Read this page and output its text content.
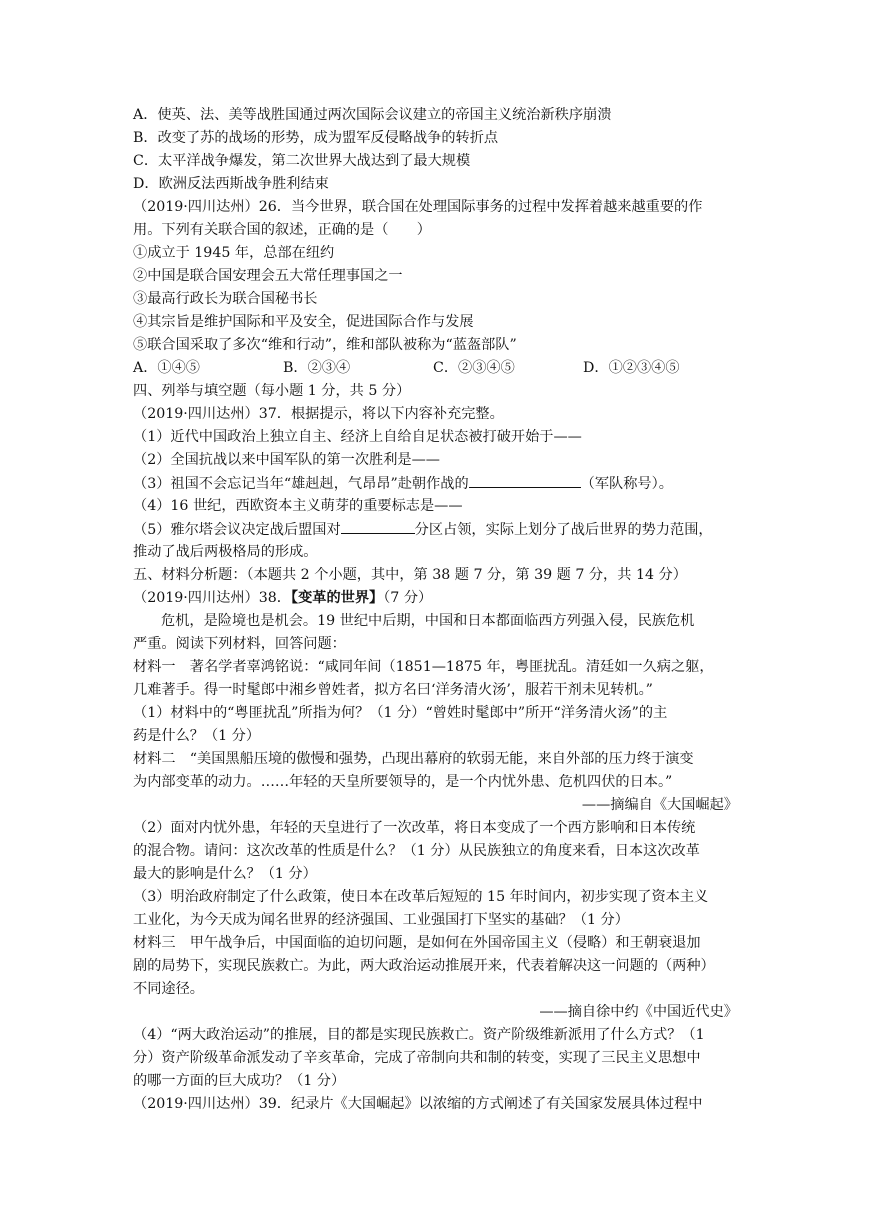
A．使英、法、美等战胜国通过两次国际会议建立的帝国主义统治新秩序崩溃
B．改变了苏的战场的形势，成为盟军反侵略战争的转折点
C．太平洋战争爆发，第二次世界大战达到了最大规模
D．欧洲反法西斯战争胜利结束
（2019·四川达州）26．当今世界，联合国在处理国际事务的过程中发挥着越来越重要的作
用。下列有关联合国的叙述，正确的是（　　）
①成立于 1945 年，总部在纽约
②中国是联合国安理会五大常任理事国之一
③最高行政长为联合国秘书长
④其宗旨是维护国际和平及安全，促进国际合作与发展
⑤联合国采取了多次“维和行动”，维和部队被称为“蓝盔部队”
A．①④⑤	B．②③④	C．②③④⑤	D．①②③④⑤
四、列举与填空题（每小题 1 分，共 5 分）
（2019·四川达州）37．根据提示，将以下内容补充完整。
（1）近代中国政治上独立自主、经济上自给自足状态被打破开始于——
（2）全国抗战以来中国军队的第一次胜利是——
（3）祖国不会忘记当年“雄赳赳，气昂昂”赴朝作战的	（军队称号）。
（4）16 世纪，西欧资本主义萌芽的重要标志是——
（5）雅尔塔会议决定战后盟国对	分区占领，实际上划分了战后世界的势力范围，
推动了战后两极格局的形成。
五、材料分析题：（本题共 2 个小题，其中，第 38 题 7 分，第 39 题 7 分，共 14 分）
（2019·四川达州）38．【变革的世界】（7 分）
危机，是险境也是机会。19 世纪中后期，中国和日本都面临西方列强入侵，民族危机
严重。阅读下列材料，回答问题：
材料一　著名学者辜鸿铭说：“咸同年间（1851—1875 年，粤匪扰乱。清廷如一久病之躯，
几难著手。得一时髦郎中湘乡曾姓者，拟方名曰‘洋务清火汤’，服若干剂未见转机。”
（1）材料中的“粤匪扰乱”所指为何？（1 分）“曾姓时髦郎中”所开“洋务清火汤”的主
药是什么？（1 分）
材料二　“美国黑船压境的傲慢和强势，凸现出幕府的软弱无能，来自外部的压力终于演变
为内部变革的动力。……年轻的天皇所要领导的，是一个内忧外患、危机四伏的日本。”
——摘编自《大国崛起》
（2）面对内忧外患，年轻的天皇进行了一次改革，将日本变成了一个西方影响和日本传统
的混合物。请问：这次改革的性质是什么？（1 分）从民族独立的角度来看，日本这次改革
最大的影响是什么？（1 分）
（3）明治政府制定了什么政策，使日本在改革后短短的 15 年时间内，初步实现了资本主义
工业化，为今天成为闻名世界的经济强国、工业强国打下坚实的基础？（1 分）
材料三　甲午战争后，中国面临的迫切问题，是如何在外国帝国主义（侵略）和王朝衰退加
剧的局势下，实现民族救亡。为此，两大政治运动推展开来，代表着解决这一问题的（两种）
不同途径。
——摘自徐中约《中国近代史》
（4）“两大政治运动”的推展，目的都是实现民族救亡。资产阶级维新派用了什么方式？（1
分）资产阶级革命派发动了辛亥革命，完成了帝制向共和制的转变，实现了三民主义思想中
的哪一方面的巨大成功？（1 分）
（2019·四川达州）39．纪录片《大国崛起》以浓缩的方式阐述了有关国家发展具体过程中
